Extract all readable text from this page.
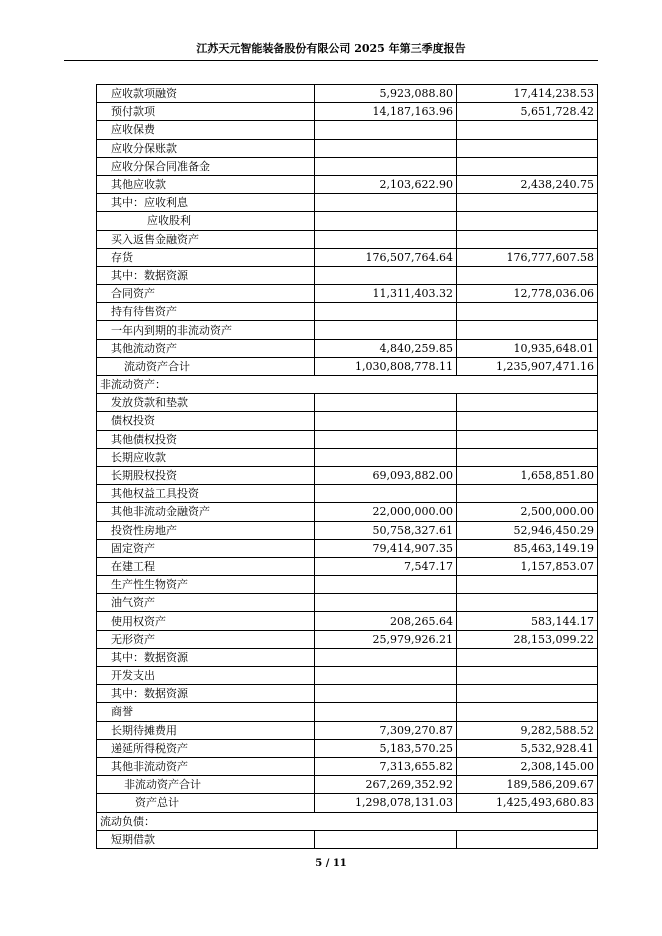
江苏天元智能装备股份有限公司 2025 年第三季度报告
应收款项融资	5,923,088.80	17,414,238.53
预付款项	14,187,163.96	5,651,728.42
应收保费		
应收分保账款		
应收分保合同准备金		
其他应收款	2,103,622.90	2,438,240.75
其中：应收利息		
应收股利		
买入返售金融资产		
存货	176,507,764.64	176,777,607.58
其中：数据资源		
合同资产	11,311,403.32	12,778,036.06
持有待售资产		
一年内到期的非流动资产		
其他流动资产	4,840,259.85	10,935,648.01
流动资产合计	1,030,808,778.11	1,235,907,471.16
非流动资产：		
发放贷款和垫款		
债权投资		
其他债权投资		
长期应收款		
长期股权投资	69,093,882.00	1,658,851.80
其他权益工具投资		
其他非流动金融资产	22,000,000.00	2,500,000.00
投资性房地产	50,758,327.61	52,946,450.29
固定资产	79,414,907.35	85,463,149.19
在建工程	7,547.17	1,157,853.07
生产性生物资产		
油气资产		
使用权资产	208,265.64	583,144.17
无形资产	25,979,926.21	28,153,099.22
其中：数据资源		
开发支出		
其中：数据资源		
商誉		
长期待摊费用	7,309,270.87	9,282,588.52
递延所得税资产	5,183,570.25	5,532,928.41
其他非流动资产	7,313,655.82	2,308,145.00
非流动资产合计	267,269,352.92	189,586,209.67
资产总计	1,298,078,131.03	1,425,493,680.83
流动负债：		
短期借款		
5 / 11
